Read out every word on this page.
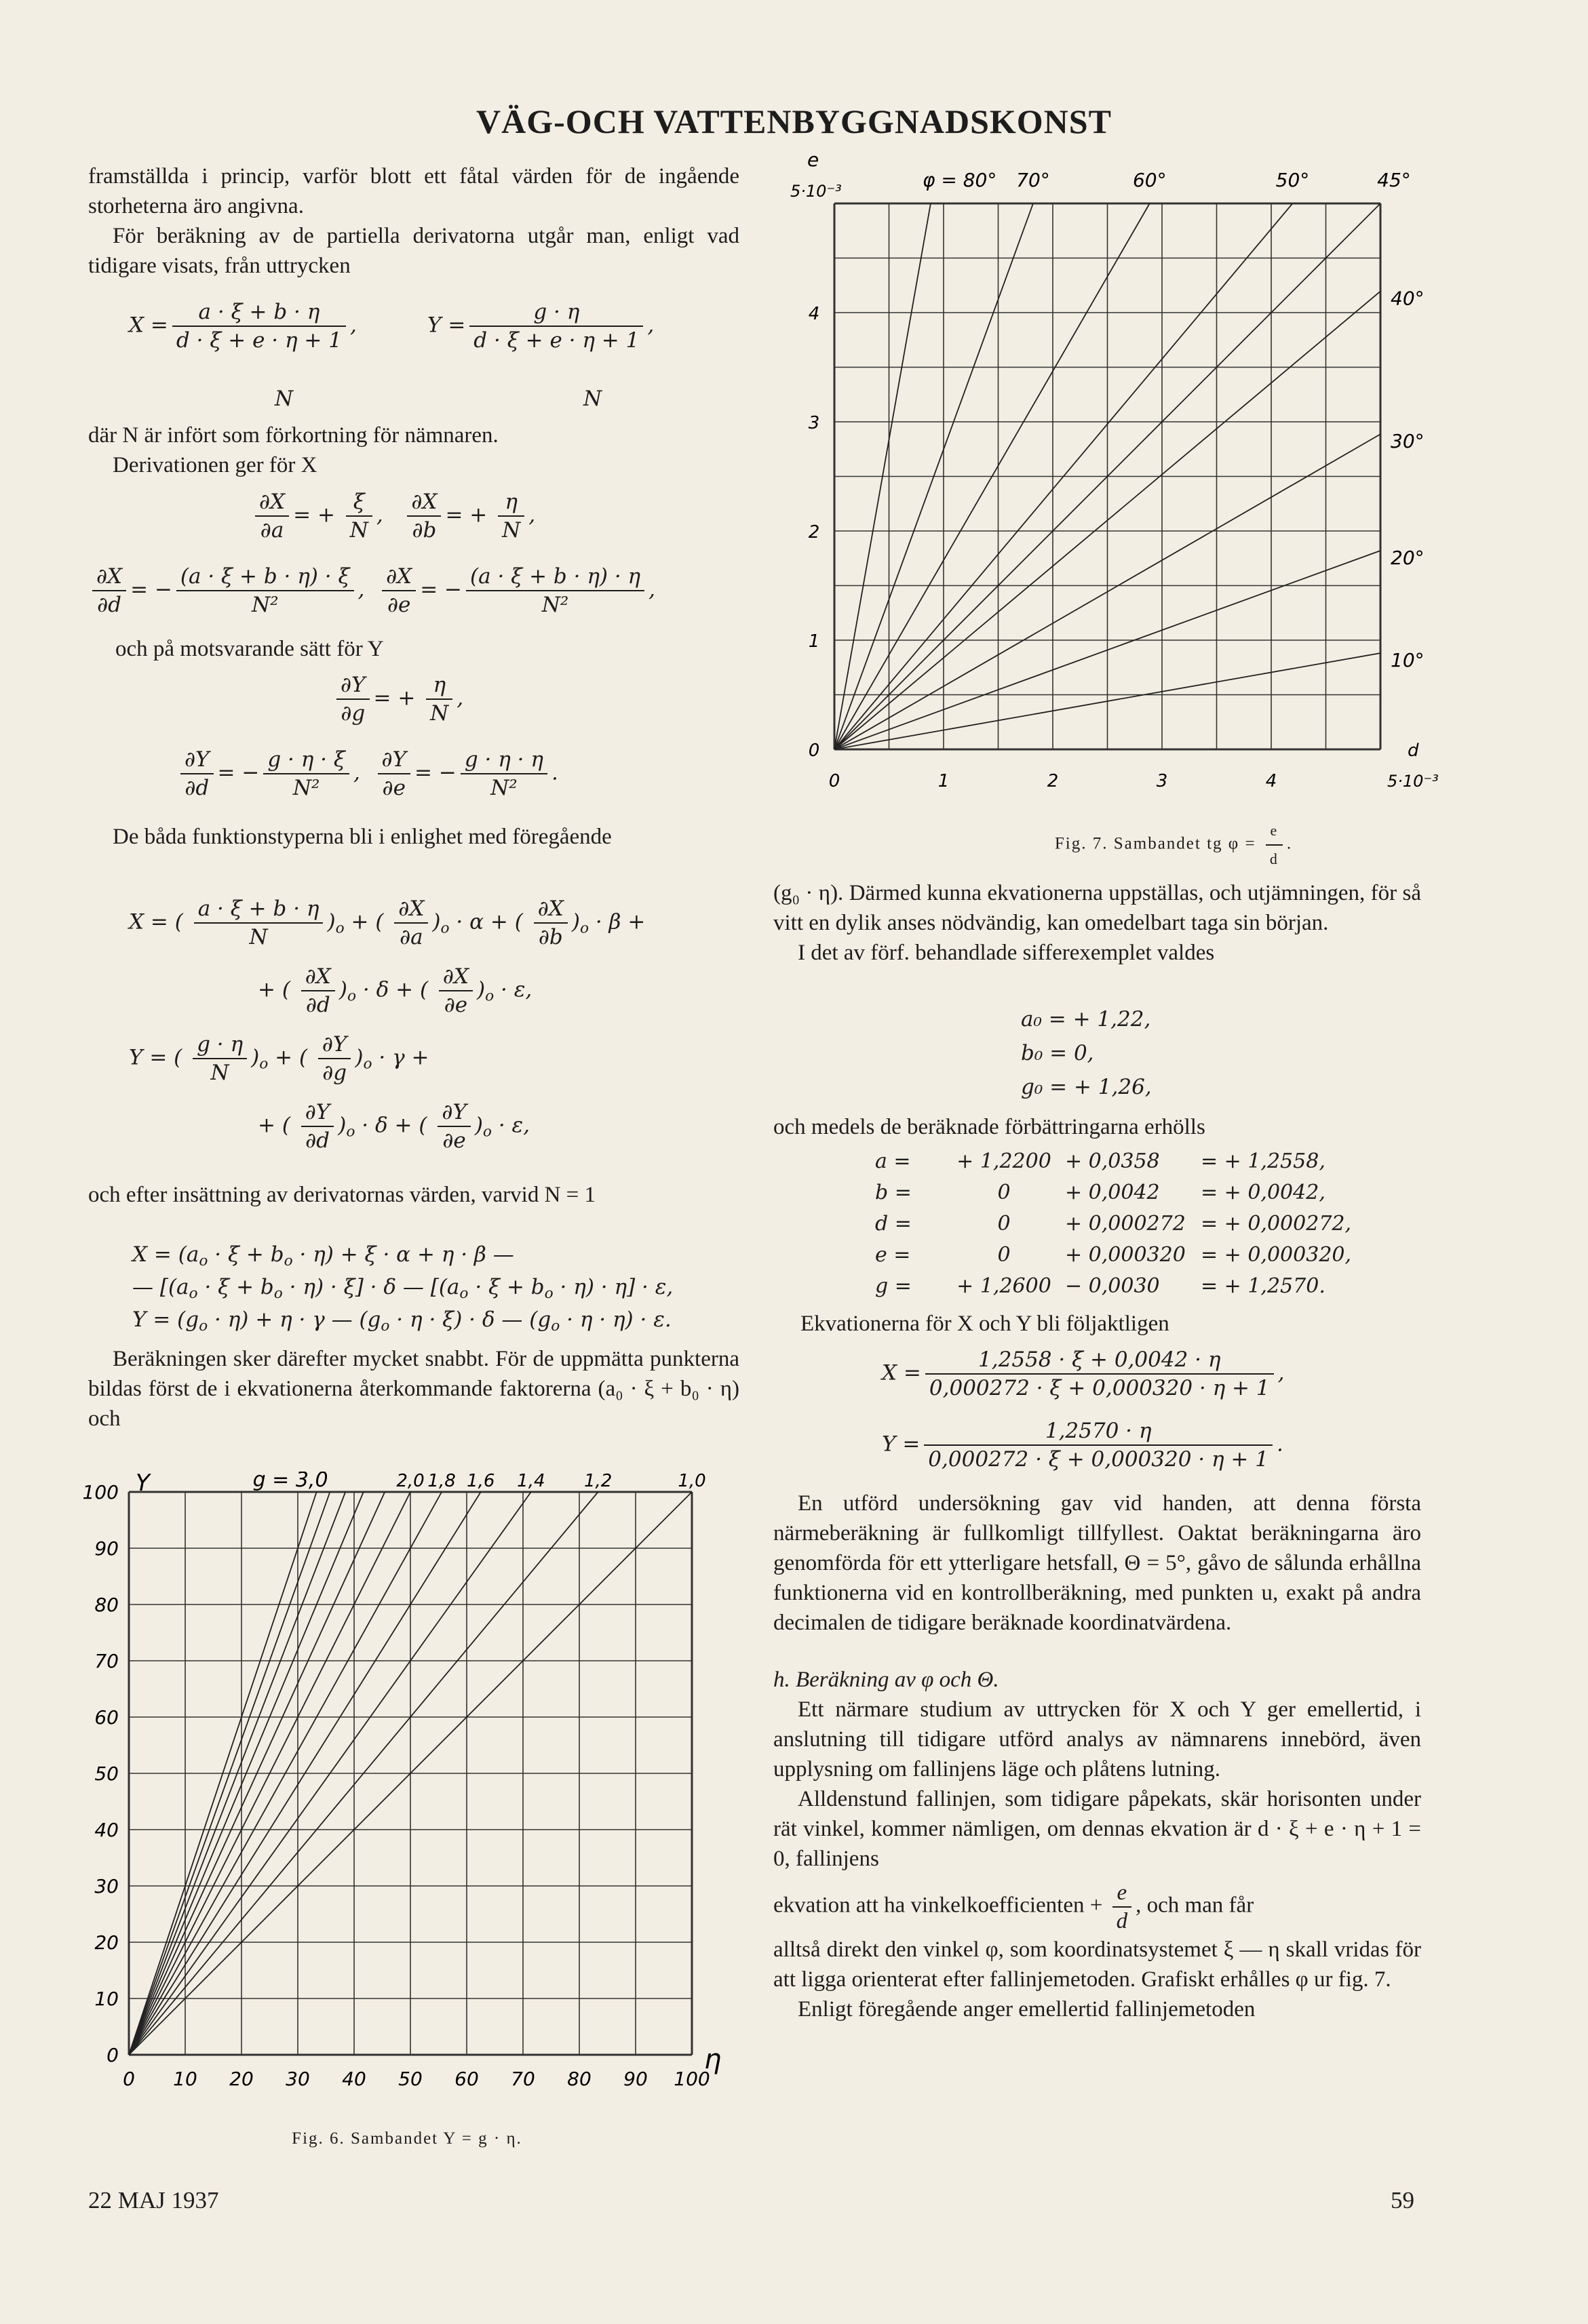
VÄG-OCH VATTENBYGGNADSKONST

framställda i princip, varför blott ett fåtal värden för de ingående storheterna äro angivna.

För beräkning av de partiella derivatorna utgår man, enligt vad tidigare visats, från uttrycken

$X = \frac{a \cdot \xi + b \cdot \eta}{d \cdot \xi + e \cdot \eta + 1}$ ,	$Y = \frac{g \cdot \eta}{d \cdot \xi + e \cdot \eta + 1}$ ,
N	N

där N är infört som förkortning för nämnaren.

Derivationen ger för X

$\frac{\partial X}{\partial a}$ = + $\frac{\xi}{N}$ , $\frac{\partial X}{\partial b}$ = + $\frac{\eta}{N}$ ,
$\frac{\partial X}{\partial d}$ = − $\frac{(a \cdot \xi + b \cdot \eta) \cdot \xi}{\text{N²}}$ , $\frac{\partial X}{\partial e}$ = − $\frac{(a \cdot \xi + b \cdot \eta) \cdot \eta}{\text{N²}}$ ,

och på motsvarande sätt för Y

$\frac{\partial Y}{\partial g}$ = + $\frac{\eta}{N}$ ,
$\frac{\partial Y}{\partial d}$ = − $\frac{g \cdot \eta \cdot \xi}{\text{N²}}$ , $\frac{\partial Y}{\partial e}$ = − $\frac{g \cdot \eta \cdot \eta}{\text{N²}}$ .

De båda funktionstyperna bli i enlighet med föregående

X = ( $\frac{a \cdot \xi + b \cdot \eta}{N} )_o$ + ( $\frac{\partial X}{\partial a} )_o \cdot \alpha$ + ( $\frac{\partial X}{\partial b} )_o \cdot \beta$ +
+ ( $\frac{\partial X}{\partial d} )_o \cdot \delta$ + ( $\frac{\partial X}{\partial e} )_o \cdot \varepsilon$,
Y = ( $\frac{g \cdot \eta}{N} )_o$ + ( $\frac{\partial Y}{\partial g} )_o \cdot \gamma$ +
+ ( $\frac{\partial Y}{\partial d} )_o \cdot \delta$ + ( $\frac{\partial Y}{\partial e} )_o \cdot \varepsilon$,

och efter insättning av derivatornas värden, varvid N = 1

$X = (a_o \cdot \xi + b_o \cdot \eta) + \xi \cdot \alpha + \eta \cdot \beta$ —
— $[(a_o \cdot \xi + b_o \cdot \eta) \cdot \xi] \cdot \delta$ — $[(a_o \cdot \xi + b_o \cdot \eta) \cdot \eta] \cdot \varepsilon$,
$Y = (g_o \cdot \eta) + \eta \cdot \gamma$ — $(g_o \cdot \eta \cdot \xi) \cdot \delta$ — $(g_o \cdot \eta \cdot \eta) \cdot \varepsilon$.

Beräkningen sker därefter mycket snabbt. För de uppmätta punkterna bildas först de i ekvationerna återkommande faktorerna (a₀ · ξ + b₀ · η) och

0
10
20
30
40
50
60
70
80
90
100
0 10 20 30 40 50 60 70 80 90 100
Y
η
g = 3,0	2,0 1,8 1,6 1,4 1,2	1,0
Fig. 6. Sambandet Y = g · η.
0
1
2
3
4
0	1	2	3	4
e
5·10⁻³
d
5·10⁻³
φ = 80° 70°	60°	50°	45°
40°
30°
20°
10°
Fig. 7. Sambandet tg $\varphi = \frac{e}{d}$ .

(g₀ · η). Därmed kunna ekvationerna uppställas, och utjämningen, för så vitt en dylik anses nödvändig, kan omedelbart taga sin början.

I det av förf. behandlade sifferexemplet valdes

a₀ = + 1,22,
b₀ = 0,
g₀ = + 1,26,

och medels de beräknade förbättringarna erhölls

a =	+ 1,2200 + 0,0358	= + 1,2558,
b =	0	+ 0,0042	= + 0,0042,
d =	0	+ 0,000272 = + 0,000272,
e =	0	+ 0,000320 = + 0,000320,
g =	+ 1,2600 − 0,0030	= + 1,2570.

Ekvationerna för X och Y bli följaktligen

$X = \frac{1,2558 \cdot \xi + 0,0042 \cdot \eta}{0,000272 \cdot \xi + 0,000320 \cdot \eta + 1}$ ,
$Y = \frac{1,2570 \cdot \eta}{0,000272 \cdot \xi + 0,000320 \cdot \eta + 1}$ .

En utförd undersökning gav vid handen, att denna första närmeberäkning är fullkomligt tillfyllest. Oaktat beräkningarna äro genomförda för ett ytterligare hetsfall, Θ = 5°, gåvo de sålunda erhållna funktionerna vid en kontrollberäkning, med punkten u, exakt på andra decimalen de tidigare beräknade koordinatvärdena.

h. Beräkning av φ och Θ.

Ett närmare studium av uttrycken för X och Y ger emellertid, i anslutning till tidigare utförd analys av nämnarens innebörd, även upplysning om fallinjens läge och plåtens lutning.

Alldenstund fallinjen, som tidigare påpekats, skär horisonten under rät vinkel, kommer nämligen, om dennas ekvation är d · ξ + e · η + 1 = 0, fallinjens

ekvation att ha vinkelkoefficienten + $\frac{e}{d}$ , och man får

alltså direkt den vinkel φ, som koordinatsystemet ξ — η skall vridas för att ligga orienterat efter fallinjemetoden. Grafiskt erhålles φ ur fig. 7.

Enligt föregående anger emellertid fallinjemetoden

22 MAJ 1937	59
